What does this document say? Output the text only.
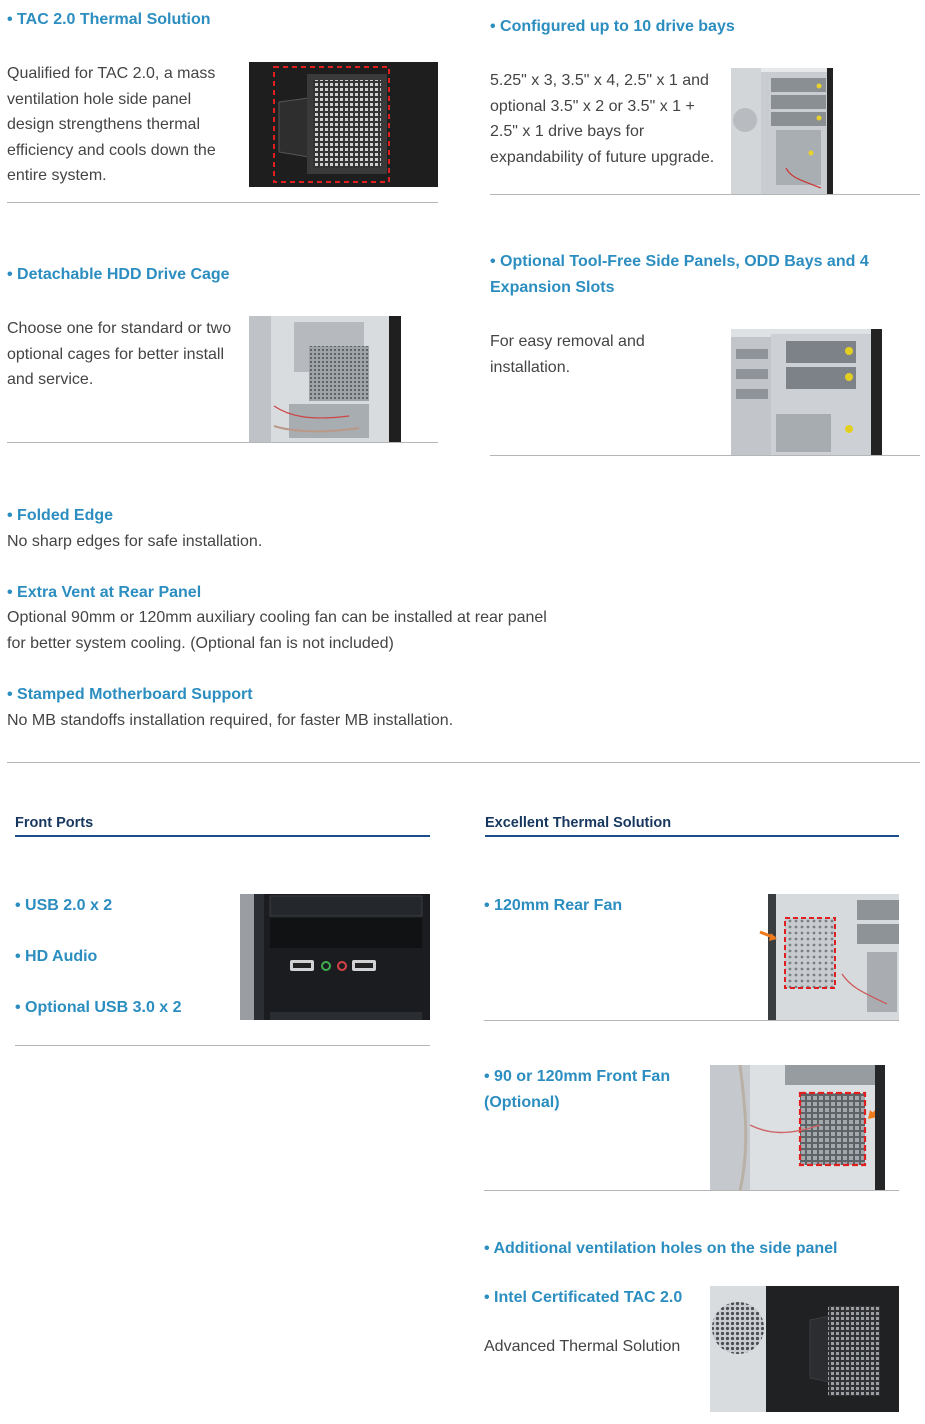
• TAC 2.0 Thermal Solution
Qualified for TAC 2.0, a mass
ventilation hole side panel
design strengthens thermal
efficiency and cools down the
entire system.
• Configured up to 10 drive bays
5.25" x 3, 3.5" x 4, 2.5" x 1 and
optional 3.5" x 2 or 3.5" x 1 +
2.5" x 1 drive bays for
expandability of future upgrade.
• Detachable HDD Drive Cage
Choose one for standard or two
optional cages for better install
and service.
• Optional Tool-Free Side Panels, ODD Bays and 4
Expansion Slots
For easy removal and
installation.
• Folded Edge
No sharp edges for safe installation.
• Extra Vent at Rear Panel
Optional 90mm or 120mm auxiliary cooling fan can be installed at rear panel
for better system cooling. (Optional fan is not included)
• Stamped Motherboard Support
No MB standoffs installation required, for faster MB installation.
Front Ports
• USB 2.0 x 2
• HD Audio
• Optional USB 3.0 x 2
Excellent Thermal Solution
• 120mm Rear Fan
• 90 or 120mm Front Fan
(Optional)
• Additional ventilation holes on the side panel
• Intel Certificated TAC 2.0
Advanced Thermal Solution
